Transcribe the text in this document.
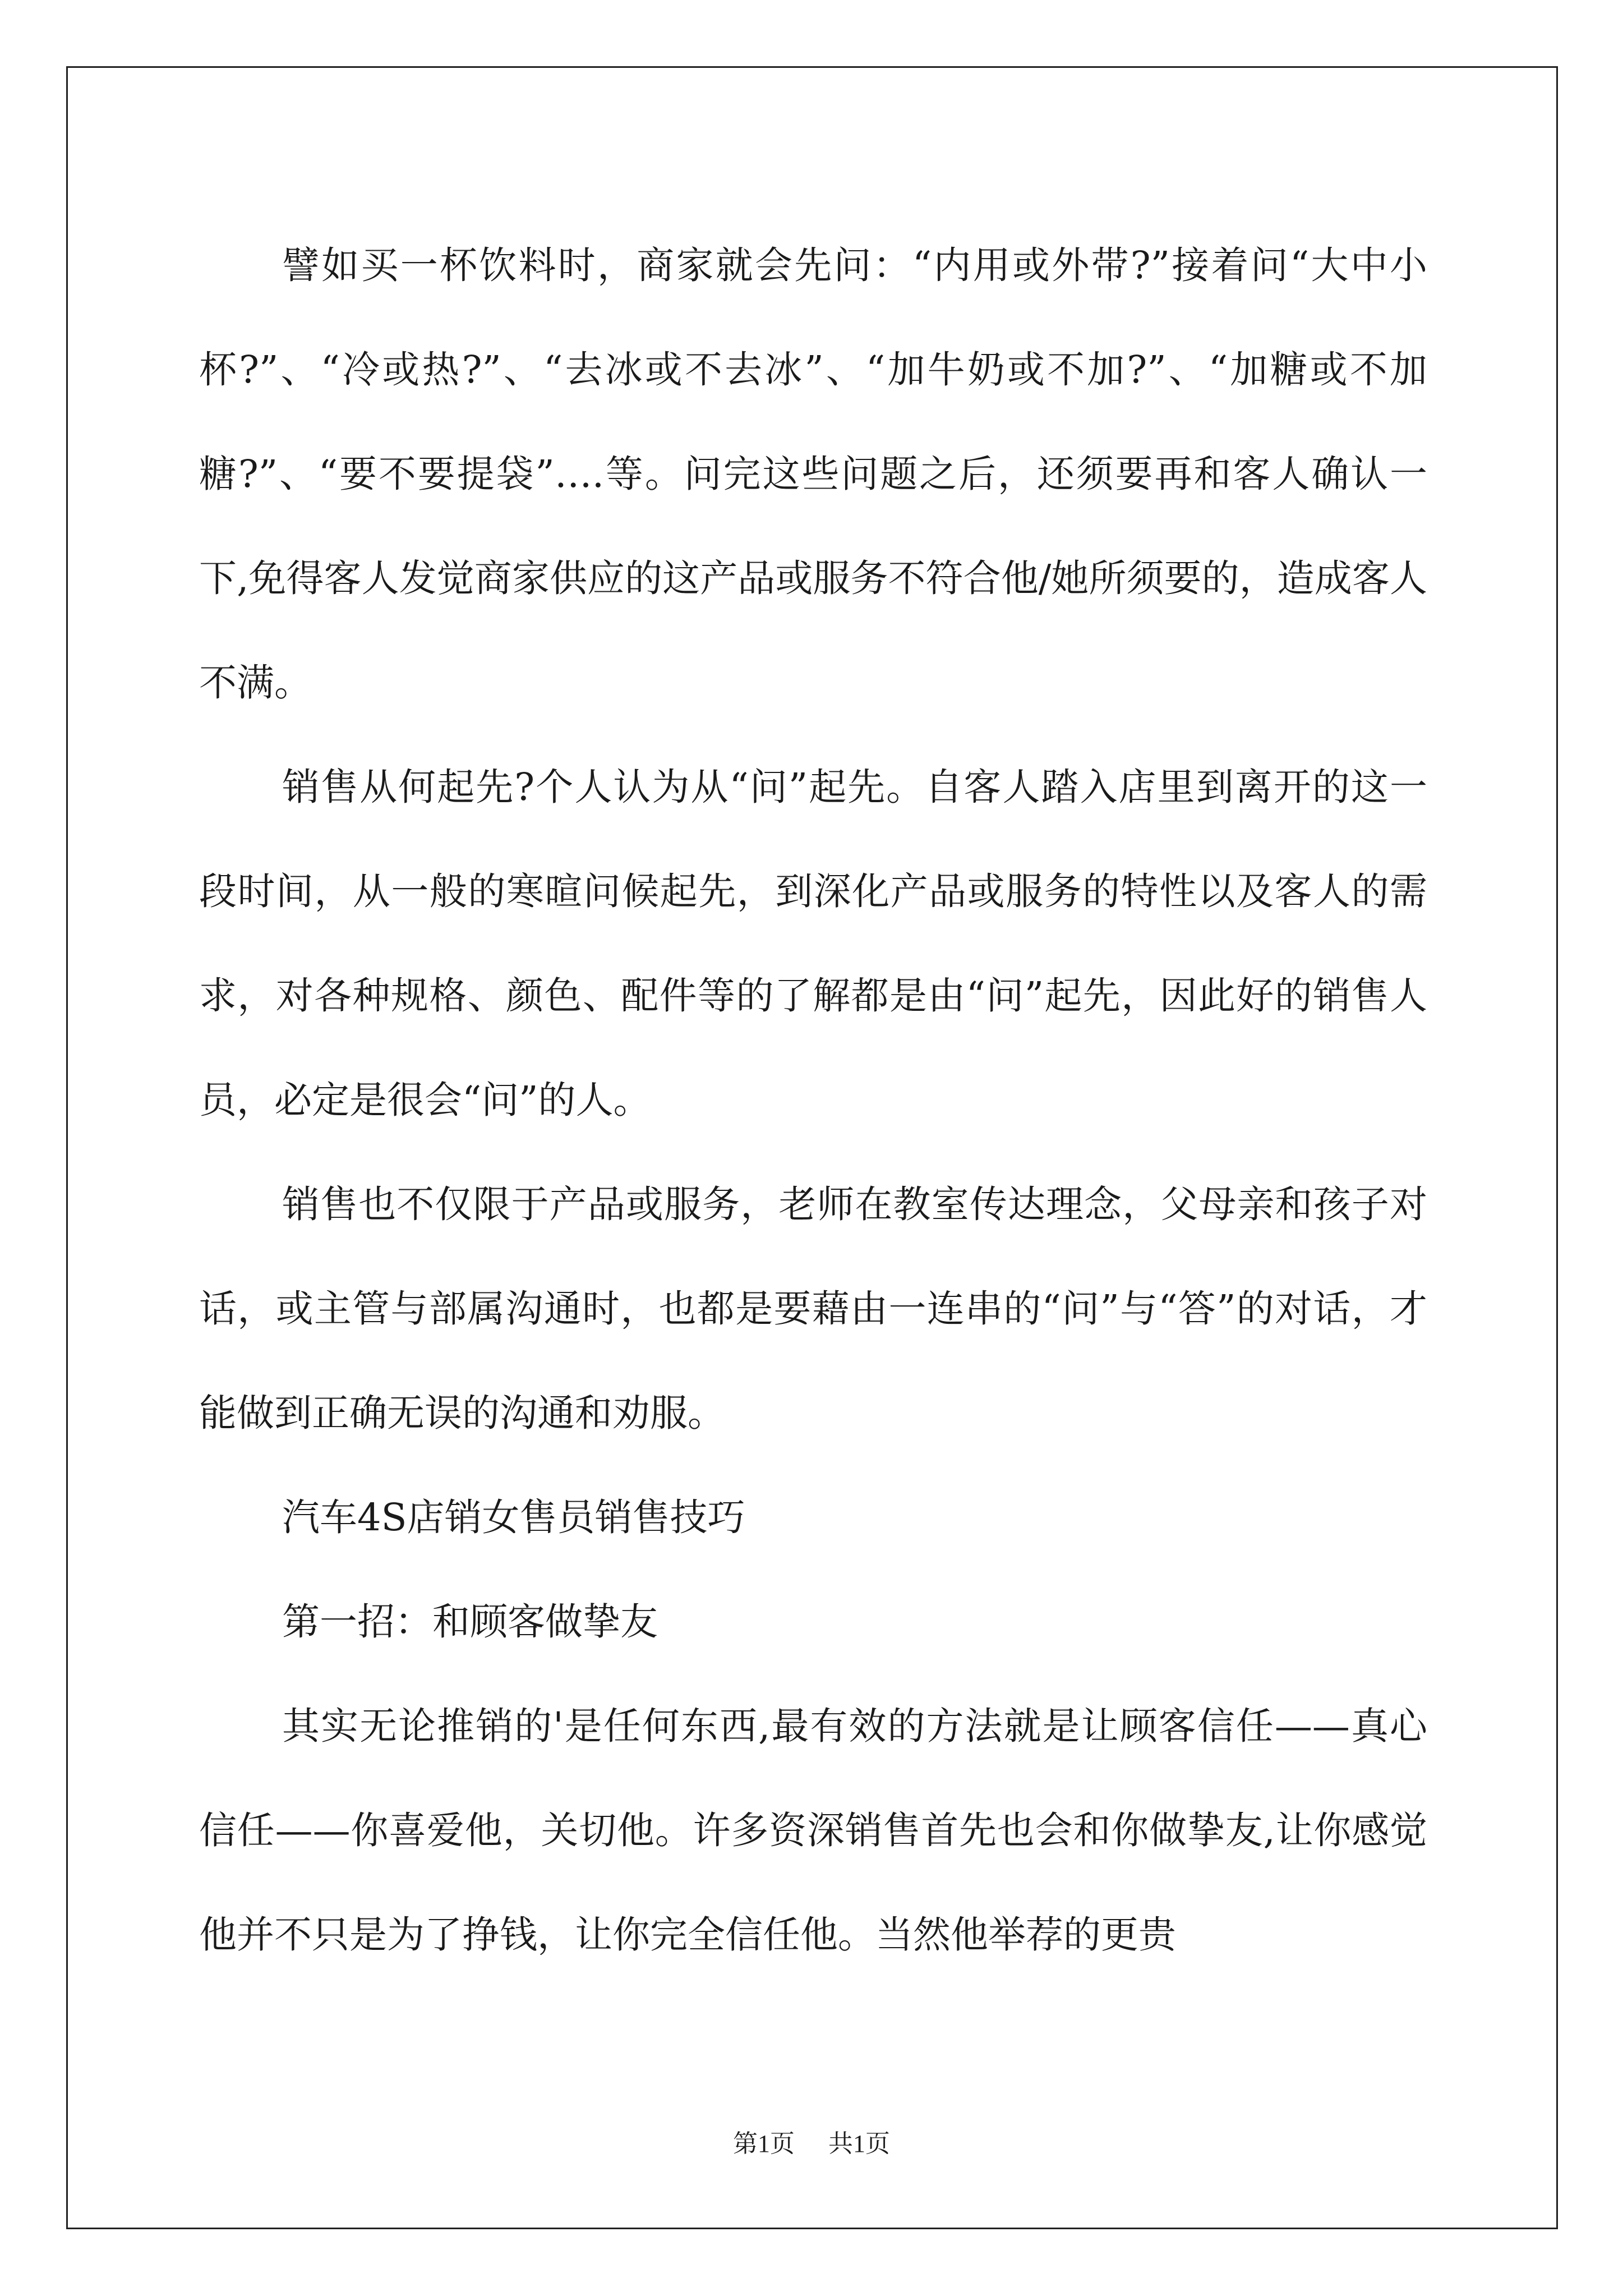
譬如买一杯饮料时，商家就会先问：“内用或外带?”接着问“大中小杯?”、“冷或热?”、“去冰或不去冰”、“加牛奶或不加?”、“加糖或不加糖?”、“要不要提袋”….等。问完这些问题之后，还须要再和客人确认一下,免得客人发觉商家供应的这产品或服务不符合他/她所须要的，造成客人不满。

销售从何起先?个人认为从“问”起先。自客人踏入店里到离开的这一段时间，从一般的寒暄问候起先，到深化产品或服务的特性以及客人的需求，对各种规格、颜色、配件等的了解都是由“问”起先，因此好的销售人员，必定是很会“问”的人。

销售也不仅限于产品或服务，老师在教室传达理念，父母亲和孩子对话，或主管与部属沟通时，也都是要藉由一连串的“问”与“答”的对话，才能做到正确无误的沟通和劝服。

汽车4S店销女售员销售技巧

第一招：和顾客做挚友

其实无论推销的'是任何东西,最有效的方法就是让顾客信任——真心信任——你喜爱他，关切他。许多资深销售首先也会和你做挚友,让你感觉他并不只是为了挣钱，让你完全信任他。当然他举荐的更贵

第1页 共1页
